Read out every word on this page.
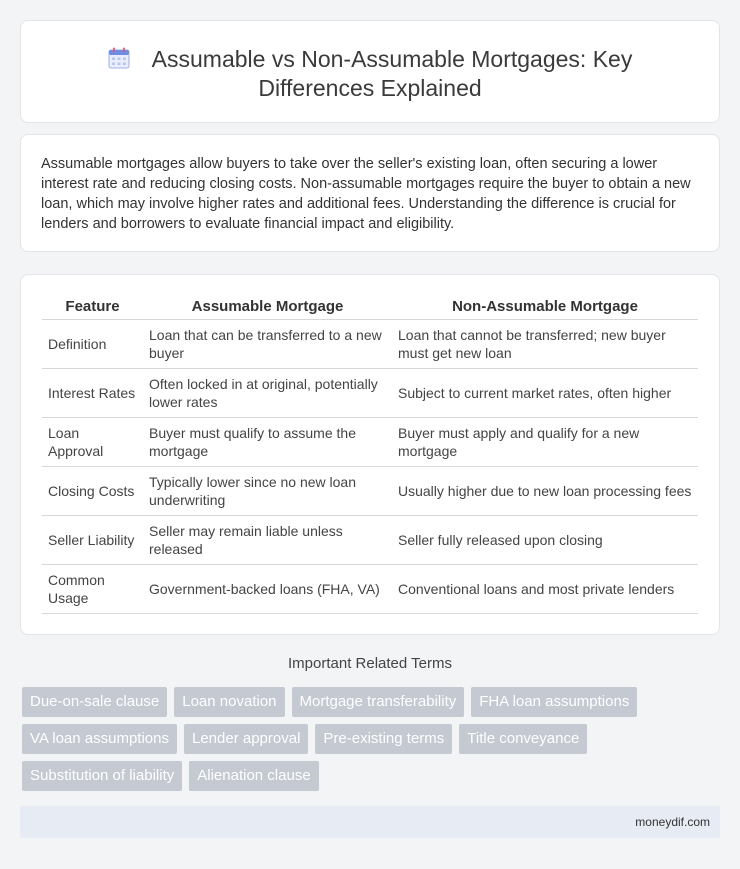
Assumable vs Non-Assumable Mortgages: Key
Differences Explained

Assumable mortgages allow buyers to take over the seller's existing loan, often securing a lower interest rate and reducing closing costs. Non-assumable mortgages require the buyer to obtain a new loan, which may involve higher rates and additional fees. Understanding the difference is crucial for lenders and borrowers to evaluate financial impact and eligibility.

Feature	Assumable Mortgage	Non-Assumable Mortgage
Definition	Loan that can be transferred to a new buyer	Loan that cannot be transferred; new buyer must get new loan
Interest Rates	Often locked in at original, potentially lower rates	Subject to current market rates, often higher
Loan Approval	Buyer must qualify to assume the mortgage	Buyer must apply and qualify for a new mortgage
Closing Costs	Typically lower since no new loan underwriting	Usually higher due to new loan processing fees
Seller Liability	Seller may remain liable unless released	Seller fully released upon closing
Common Usage	Government-backed loans (FHA, VA)	Conventional loans and most private lenders
Important Related Terms
Due-on-sale clause	Loan novation	Mortgage transferability	FHA loan assumptions
VA loan assumptions	Lender approval	Pre-existing terms	Title conveyance
Substitution of liability	Alienation clause
moneydif.com
